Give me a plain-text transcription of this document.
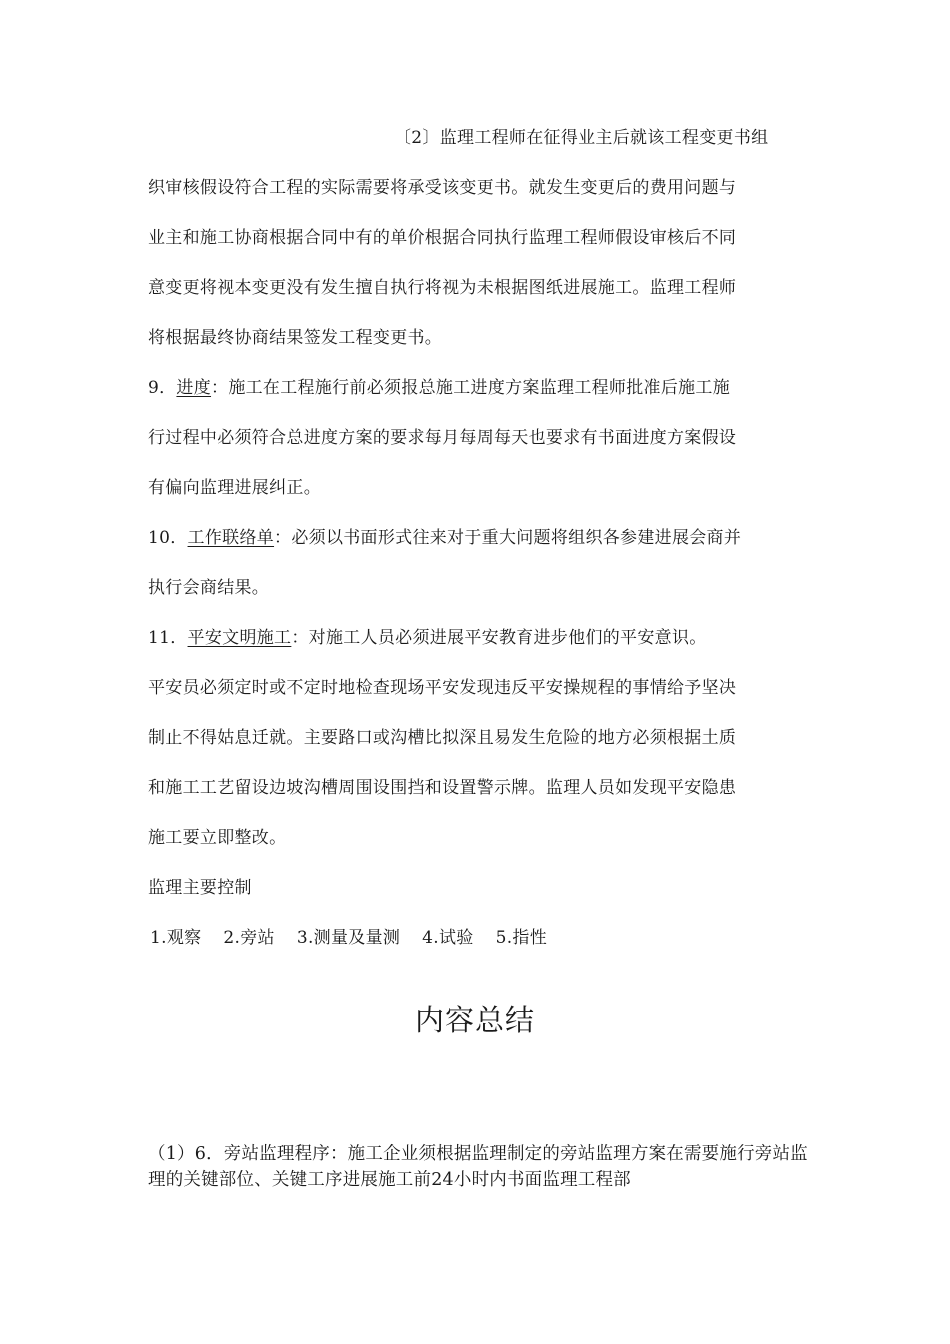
〔2〕监理工程师在征得业主后就该工程变更书组
织审核假设符合工程的实际需要将承受该变更书。就发生变更后的费用问题与
业主和施工协商根据合同中有的单价根据合同执行监理工程师假设审核后不同
意变更将视本变更没有发生擅自执行将视为未根据图纸进展施工。监理工程师
将根据最终协商结果签发工程变更书。
9．进度：施工在工程施行前必须报总施工进度方案监理工程师批准后施工施
行过程中必须符合总进度方案的要求每月每周每天也要求有书面进度方案假设
有偏向监理进展纠正。
10．工作联络单：必须以书面形式往来对于重大问题将组织各参建进展会商并
执行会商结果。
11．平安文明施工：对施工人员必须进展平安教育进步他们的平安意识。
平安员必须定时或不定时地检查现场平安发现违反平安操规程的事情给予坚决
制止不得姑息迁就。主要路口或沟槽比拟深且易发生危险的地方必须根据土质
和施工工艺留设边坡沟槽周围设围挡和设置警示牌。监理人员如发现平安隐患
施工要立即整改。
监理主要控制
1.观察 2.旁站 3.测量及量测 4.试验 5.指性
内容总结
（1）6．旁站监理程序：施工企业须根据监理制定的旁站监理方案在需要施行旁站监理的关键部位、关键工序进展施工前24小时内书面监理工程部
